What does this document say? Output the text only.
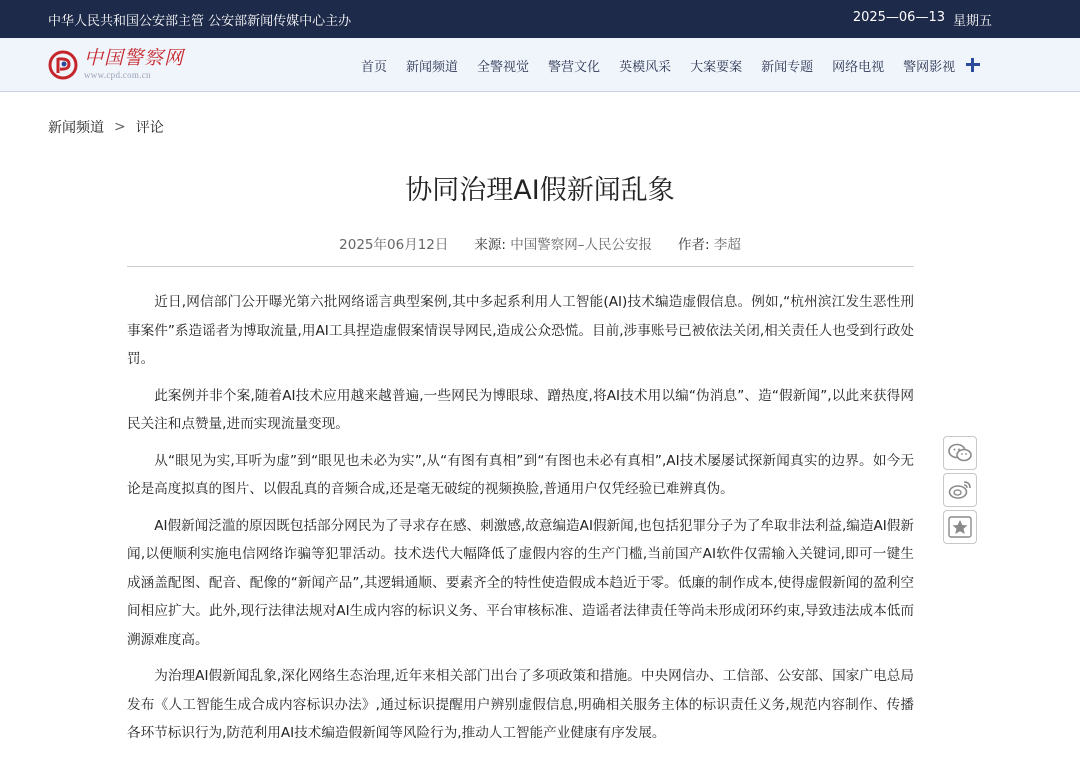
中华人民共和国公安部主管 公安部新闻传媒中心主办	2025—06—13 星期五
中国警察网
www.cpd.com.cn
首页 新闻频道 全警视觉 警营文化 英模风采 大案要案 新闻专题 网络电视 警网影视
新闻频道 > 评论
协同治理AI假新闻乱象
2025年06月12日 来源: 中国警察网–人民公安报 作者: 李超

近日,网信部门公开曝光第六批网络谣言典型案例,其中多起系利用人工智能(AI)技术编造虚假信息。例如,“杭州滨江发生恶性刑事案件”系造谣者为博取流量,用AI工具捏造虚假案情误导网民,造成公众恐慌。目前,涉事账号已被依法关闭,相关责任人也受到行政处罚。

此案例并非个案,随着AI技术应用越来越普遍,一些网民为博眼球、蹭热度,将AI技术用以编“伪消息”、造“假新闻”,以此来获得网民关注和点赞量,进而实现流量变现。

从“眼见为实,耳听为虚”到“眼见也未必为实”,从“有图有真相”到“有图也未必有真相”,AI技术屡屡试探新闻真实的边界。如今无论是高度拟真的图片、以假乱真的音频合成,还是毫无破绽的视频换脸,普通用户仅凭经验已难辨真伪。

AI假新闻泛滥的原因既包括部分网民为了寻求存在感、刺激感,故意编造AI假新闻,也包括犯罪分子为了牟取非法利益,编造AI假新闻,以便顺利实施电信网络诈骗等犯罪活动。技术迭代大幅降低了虚假内容的生产门槛,当前国产AI软件仅需输入关键词,即可一键生成涵盖配图、配音、配像的“新闻产品”,其逻辑通顺、要素齐全的特性使造假成本趋近于零。低廉的制作成本,使得虚假新闻的盈利空间相应扩大。此外,现行法律法规对AI生成内容的标识义务、平台审核标准、造谣者法律责任等尚未形成闭环约束,导致违法成本低而溯源难度高。

为治理AI假新闻乱象,深化网络生态治理,近年来相关部门出台了多项政策和措施。中央网信办、工信部、公安部、国家广电总局发布《人工智能生成合成内容标识办法》,通过标识提醒用户辨别虚假信息,明确相关服务主体的标识责任义务,规范内容制作、传播各环节标识行为,防范利用AI技术编造假新闻等风险行为,推动人工智能产业健康有序发展。
